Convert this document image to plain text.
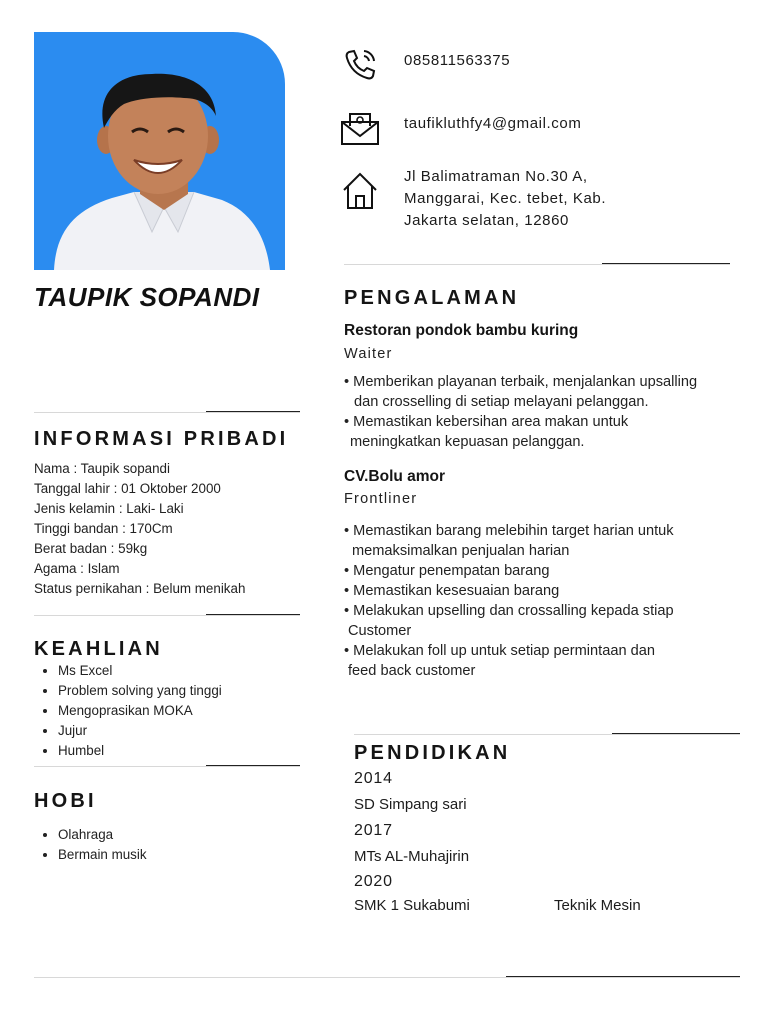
TAUPIK SOPANDI
085811563375
taufikluthfy4@gmail.com
Jl Balimatraman No.30 A,
Manggarai, Kec. tebet, Kab.
Jakarta selatan, 12860
INFORMASI PRIBADI
Nama : Taupik sopandi
Tanggal lahir : 01 Oktober 2000
Jenis kelamin : Laki- Laki
Tinggi bandan : 170Cm
Berat badan : 59kg
Agama : Islam
Status pernikahan : Belum menikah
KEAHLIAN
• Ms Excel
• Problem solving yang tinggi
• Mengoprasikan MOKA
• Jujur
• Humbel
HOBI
• Olahraga
• Bermain musik
PENGALAMAN
Restoran pondok bambu kuring
Waiter
• Memberikan playanan terbaik, menjalankan upsalling
dan crosselling di setiap melayani pelanggan.
• Memastikan kebersihan area makan untuk
meningkatkan kepuasan pelanggan.
CV.Bolu amor
Frontliner
• Memastikan barang melebihin target harian untuk
memaksimalkan penjualan harian
• Mengatur penempatan barang
• Memastikan kesesuaian barang
• Melakukan upselling dan crossalling kepada stiap
Customer
• Melakukan foll up untuk setiap permintaan dan
feed back customer
PENDIDIKAN
2014
SD Simpang sari
2017
MTs AL-Muhajirin
2020
SMK 1 Sukabumi	Teknik Mesin
